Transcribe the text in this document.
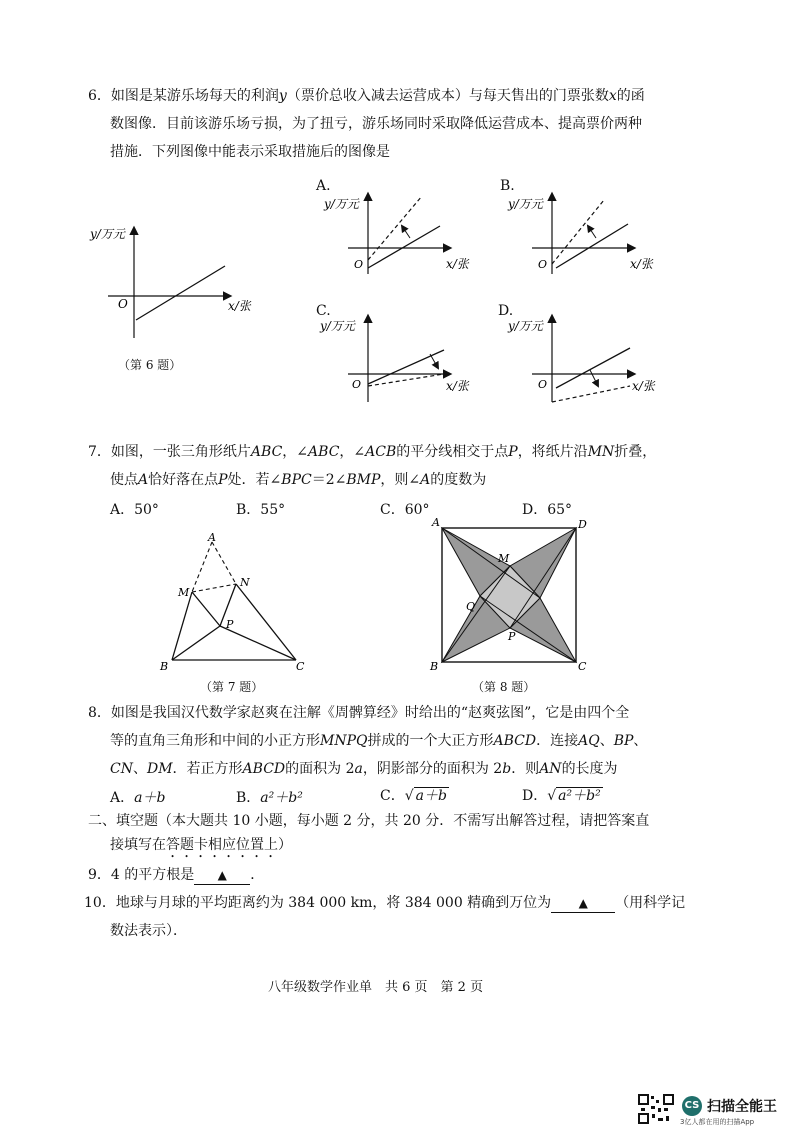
6．如图是某游乐场每天的利润y（票价总收入减去运营成本）与每天售出的门票张数x的函
数图像．目前该游乐场亏损，为了扭亏，游乐场同时采取降低运营成本、提高票价两种
措施．下列图像中能表示采取措施后的图像是
y/万元
O	x/张
（第 6 题）
A.
y/万元
O	x/张
B.
y/万元
O	x/张
C.
y/万元
O	x/张
D.
y/万元
O	x/张
7．如图，一张三角形纸片ABC，∠ABC，∠ACB的平分线相交于点P，将纸片沿MN折叠，
使点A恰好落在点P处．若∠BPC＝2∠BMP，则∠A的度数为
A．50°	B．55°	C．60°	D．65°
A
M
N
P
B	C
（第 7 题）
A	D
B	C
M
Q
P
（第 8 题）
8．如图是我国汉代数学家赵爽在注解《周髀算经》时给出的“赵爽弦图”，它是由四个全
等的直角三角形和中间的小正方形MNPQ拼成的一个大正方形ABCD．连接AQ、BP、
CN、DM．若正方形ABCD的面积为 2a，阴影部分的面积为 2b．则AN的长度为
A．a＋b	B．a²＋b²	C．√ a＋b	D．√ a²＋b²
二、填空题（本大题共 10 小题，每小题 2 分，共 20 分．不需写出解答过程，请把答案直
接填写在答题卡相应位置上）
9．4 的平方根是 ▲ ．
10．地球与月球的平均距离约为 384 000 km，将 384 000 精确到万位为 ▲ （用科学记
数法表示）．
八年级数学作业单　共 6 页　第 2 页
CS 扫描全能王
3亿人都在用的扫描App
